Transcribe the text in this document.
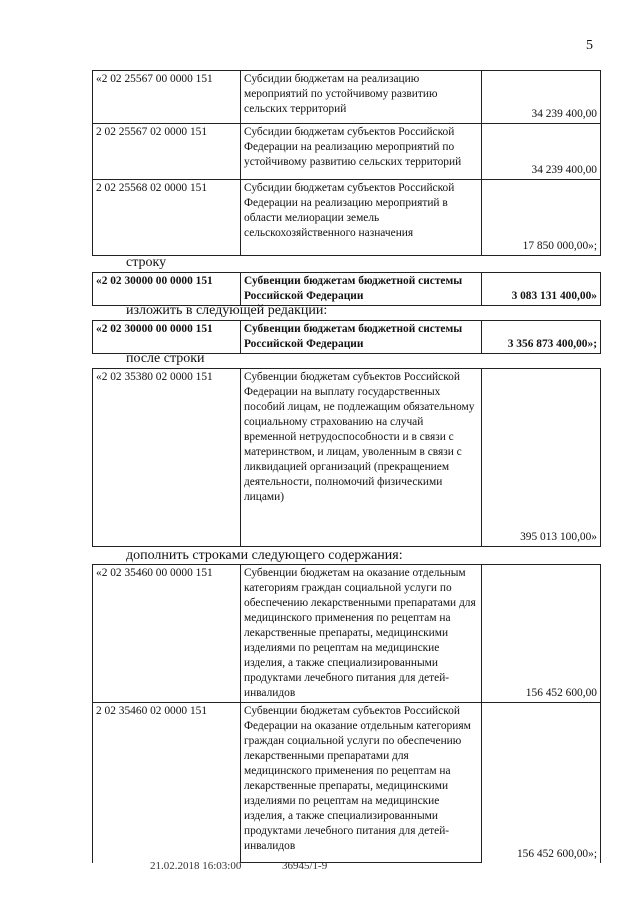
5
«2 02 25567 00 0000 151	Субсидии бюджетам на реализацию мероприятий по устойчивому развитию сельских территорий	34 239 400,00
2 02 25567 02 0000 151	Субсидии бюджетам субъектов Российской Федерации на реализацию мероприятий по устойчивому развитию сельских территорий	34 239 400,00
2 02 25568 02 0000 151	Субсидии бюджетам субъектов Российской Федерации на реализацию мероприятий в области мелиорации земель сельскохозяйственного назначения	17 850 000,00»;
строку
«2 02 30000 00 0000 151	Субвенции бюджетам бюджетной системы Российской Федерации	3 083 131 400,00»
изложить в следующей редакции:
«2 02 30000 00 0000 151	Субвенции бюджетам бюджетной системы Российской Федерации	3 356 873 400,00»;
после строки
«2 02 35380 02 0000 151	Субвенции бюджетам субъектов Российской Федерации на выплату государственных пособий лицам, не подлежащим обязательному социальному страхованию на случай временной нетрудоспособности и в связи с материнством, и лицам, уволенным в связи с ликвидацией организаций (прекращением деятельности, полномочий физическими лицами)	395 013 100,00»
дополнить строками следующего содержания:
«2 02 35460 00 0000 151	Субвенции бюджетам на оказание отдельным категориям граждан социальной услуги по обеспечению лекарственными препаратами для медицинского применения по рецептам на лекарственные препараты, медицинскими изделиями по рецептам на медицинские изделия, а также специализированными продуктами лечебного питания для детей-инвалидов	156 452 600,00
2 02 35460 02 0000 151	Субвенции бюджетам субъектов Российской Федерации на оказание отдельным категориям граждан социальной услуги по обеспечению лекарственными препаратами для медицинского применения по рецептам на лекарственные препараты, медицинскими изделиями по рецептам на медицинские изделия, а также специализированными продуктами лечебного питания для детей-инвалидов	156 452 600,00»;
21.02.2018 16:03:00	36945/1-9
